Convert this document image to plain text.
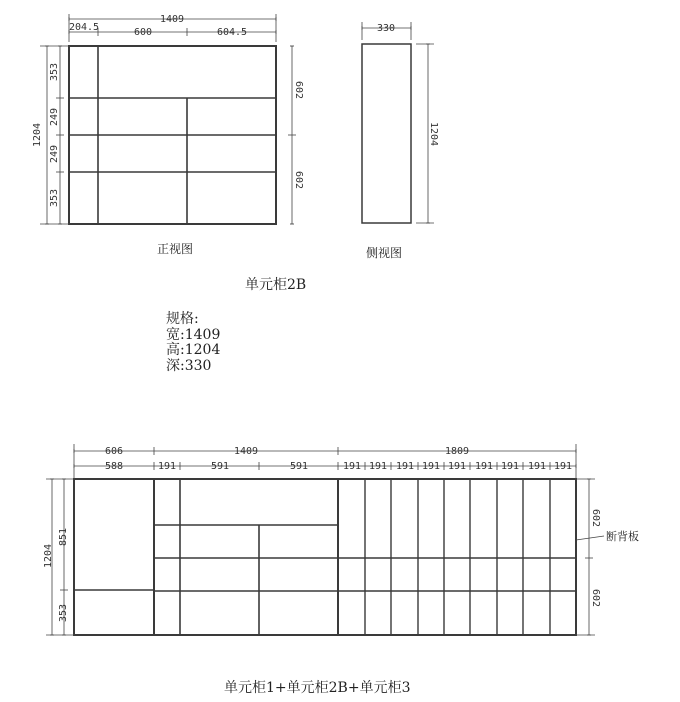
1409
204.5	600	604.5
1204
353
249
249
353
602
602
330
1204
606	1409	1809
588	191	591	591	191 191 191 191 191 191 191 191 191
1204
851
353
602
602
正视图	侧视图
单元柜2B
规格:
宽:1409
高:1204
深:330
断背板
单元柜1+单元柜2B+单元柜3
